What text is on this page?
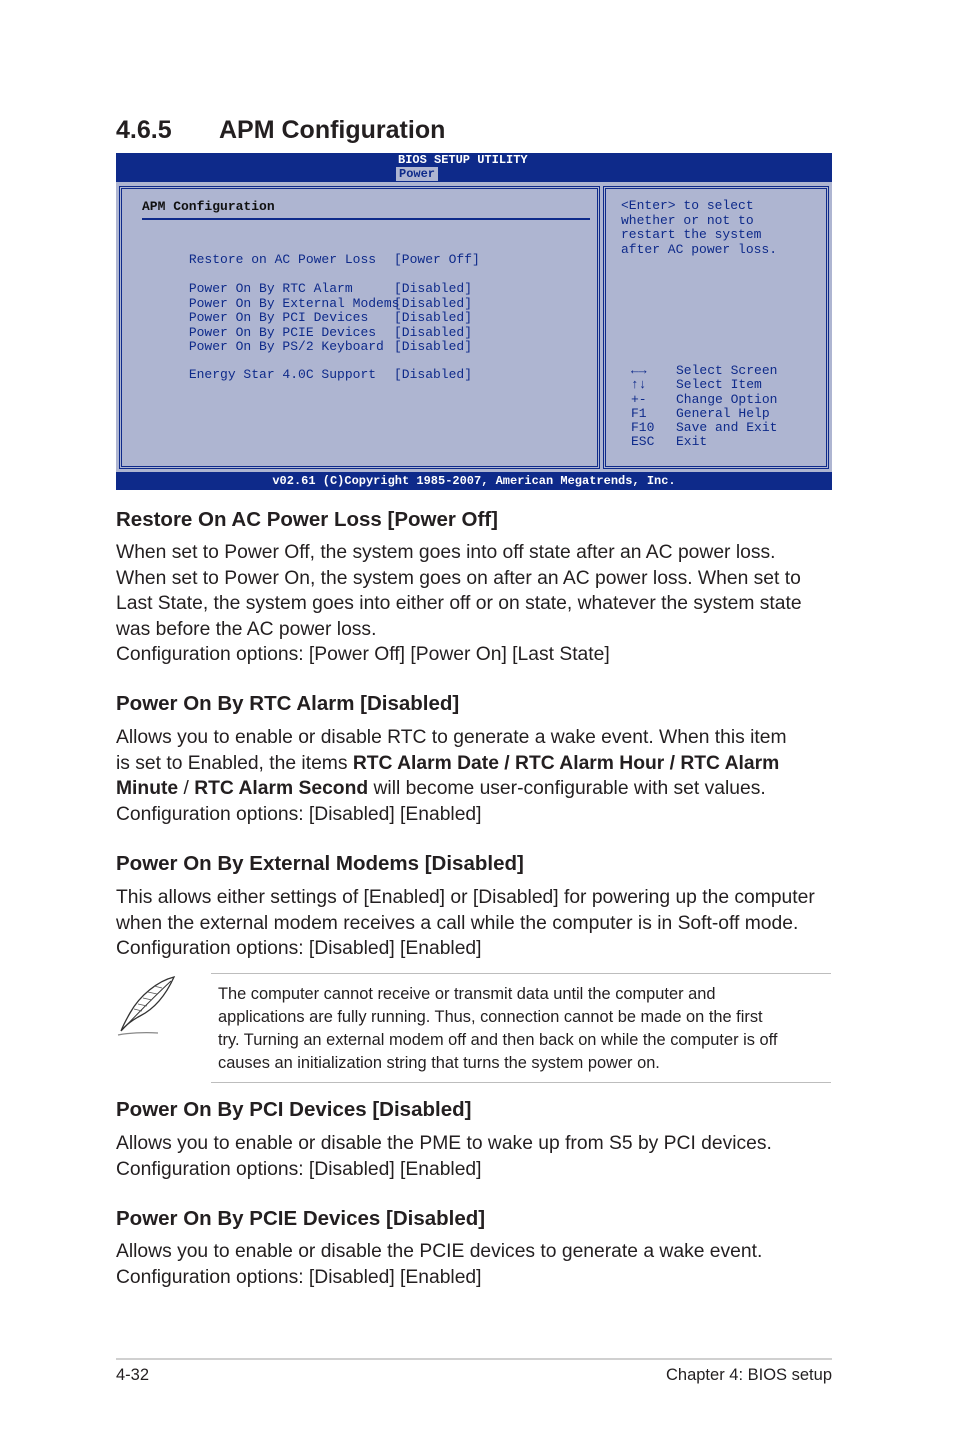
4.6.5 APM Configuration
BIOS SETUP UTILITY
Power
APM Configuration

Restore on AC Power Loss [Power Off]

Power On By RTC Alarm	[Disabled]

Power On By External Modems
[Disabled]

Power On By PCI Devices [Disabled]

Power On By PCIE Devices [Disabled]

Power On By PS/2 Keyboard [Disabled]

Energy Star 4.0C Support [Disabled]

<Enter> to select
whether or not to
restart the system
after AC power loss.
←→ Select Screen
↑↓ Select Item
+- Change Option
F1 General Help
F10 Save and Exit
ESC Exit
v02.61 (C)Copyright 1985-2007, American Megatrends, Inc.
Restore On AC Power Loss [Power Off]
When set to Power Off, the system goes into off state after an AC power loss.
When set to Power On, the system goes on after an AC power loss. When set to
Last State, the system goes into either off or on state, whatever the system state
was before the AC power loss.
Configuration options: [Power Off] [Power On] [Last State]
Power On By RTC Alarm [Disabled]
Allows you to enable or disable RTC to generate a wake event. When this item
is set to Enabled, the items RTC Alarm Date / RTC Alarm Hour / RTC Alarm
Minute / RTC Alarm Second will become user-configurable with set values.
Configuration options: [Disabled] [Enabled]
Power On By External Modems [Disabled]
This allows either settings of [Enabled] or [Disabled] for powering up the computer
when the external modem receives a call while the computer is in Soft-off mode.
Configuration options: [Disabled] [Enabled]
The computer cannot receive or transmit data until the computer and
applications are fully running. Thus, connection cannot be made on the first
try. Turning an external modem off and then back on while the computer is off
causes an initialization string that turns the system power on.
Power On By PCI Devices [Disabled]
Allows you to enable or disable the PME to wake up from S5 by PCI devices.
Configuration options: [Disabled] [Enabled]
Power On By PCIE Devices [Disabled]
Allows you to enable or disable the PCIE devices to generate a wake event.
Configuration options: [Disabled] [Enabled]
4-32	Chapter 4: BIOS setup
